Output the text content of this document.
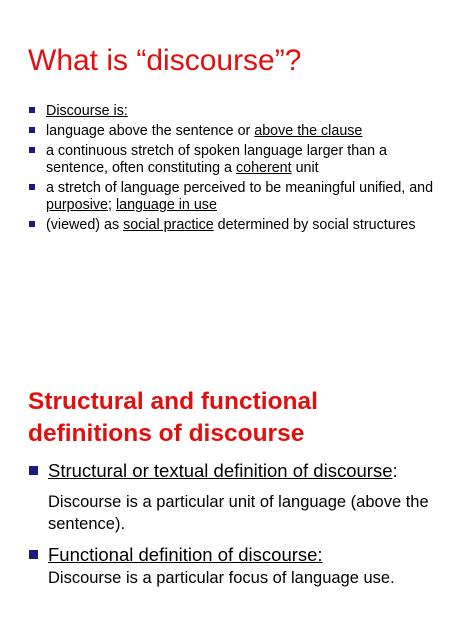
What is “discourse”?
Discourse is:
language above the sentence or above the clause
a continuous stretch of spoken language larger than a sentence, often constituting a coherent unit
a stretch of language perceived to be meaningful unified, and purposive; language in use
(viewed) as social practice determined by social structures
Structural and functional
definitions of discourse
Structural or textual definition of discourse:
Discourse is a particular unit of language (above the sentence).
Functional definition of discourse:
Discourse is a particular focus of language use.
